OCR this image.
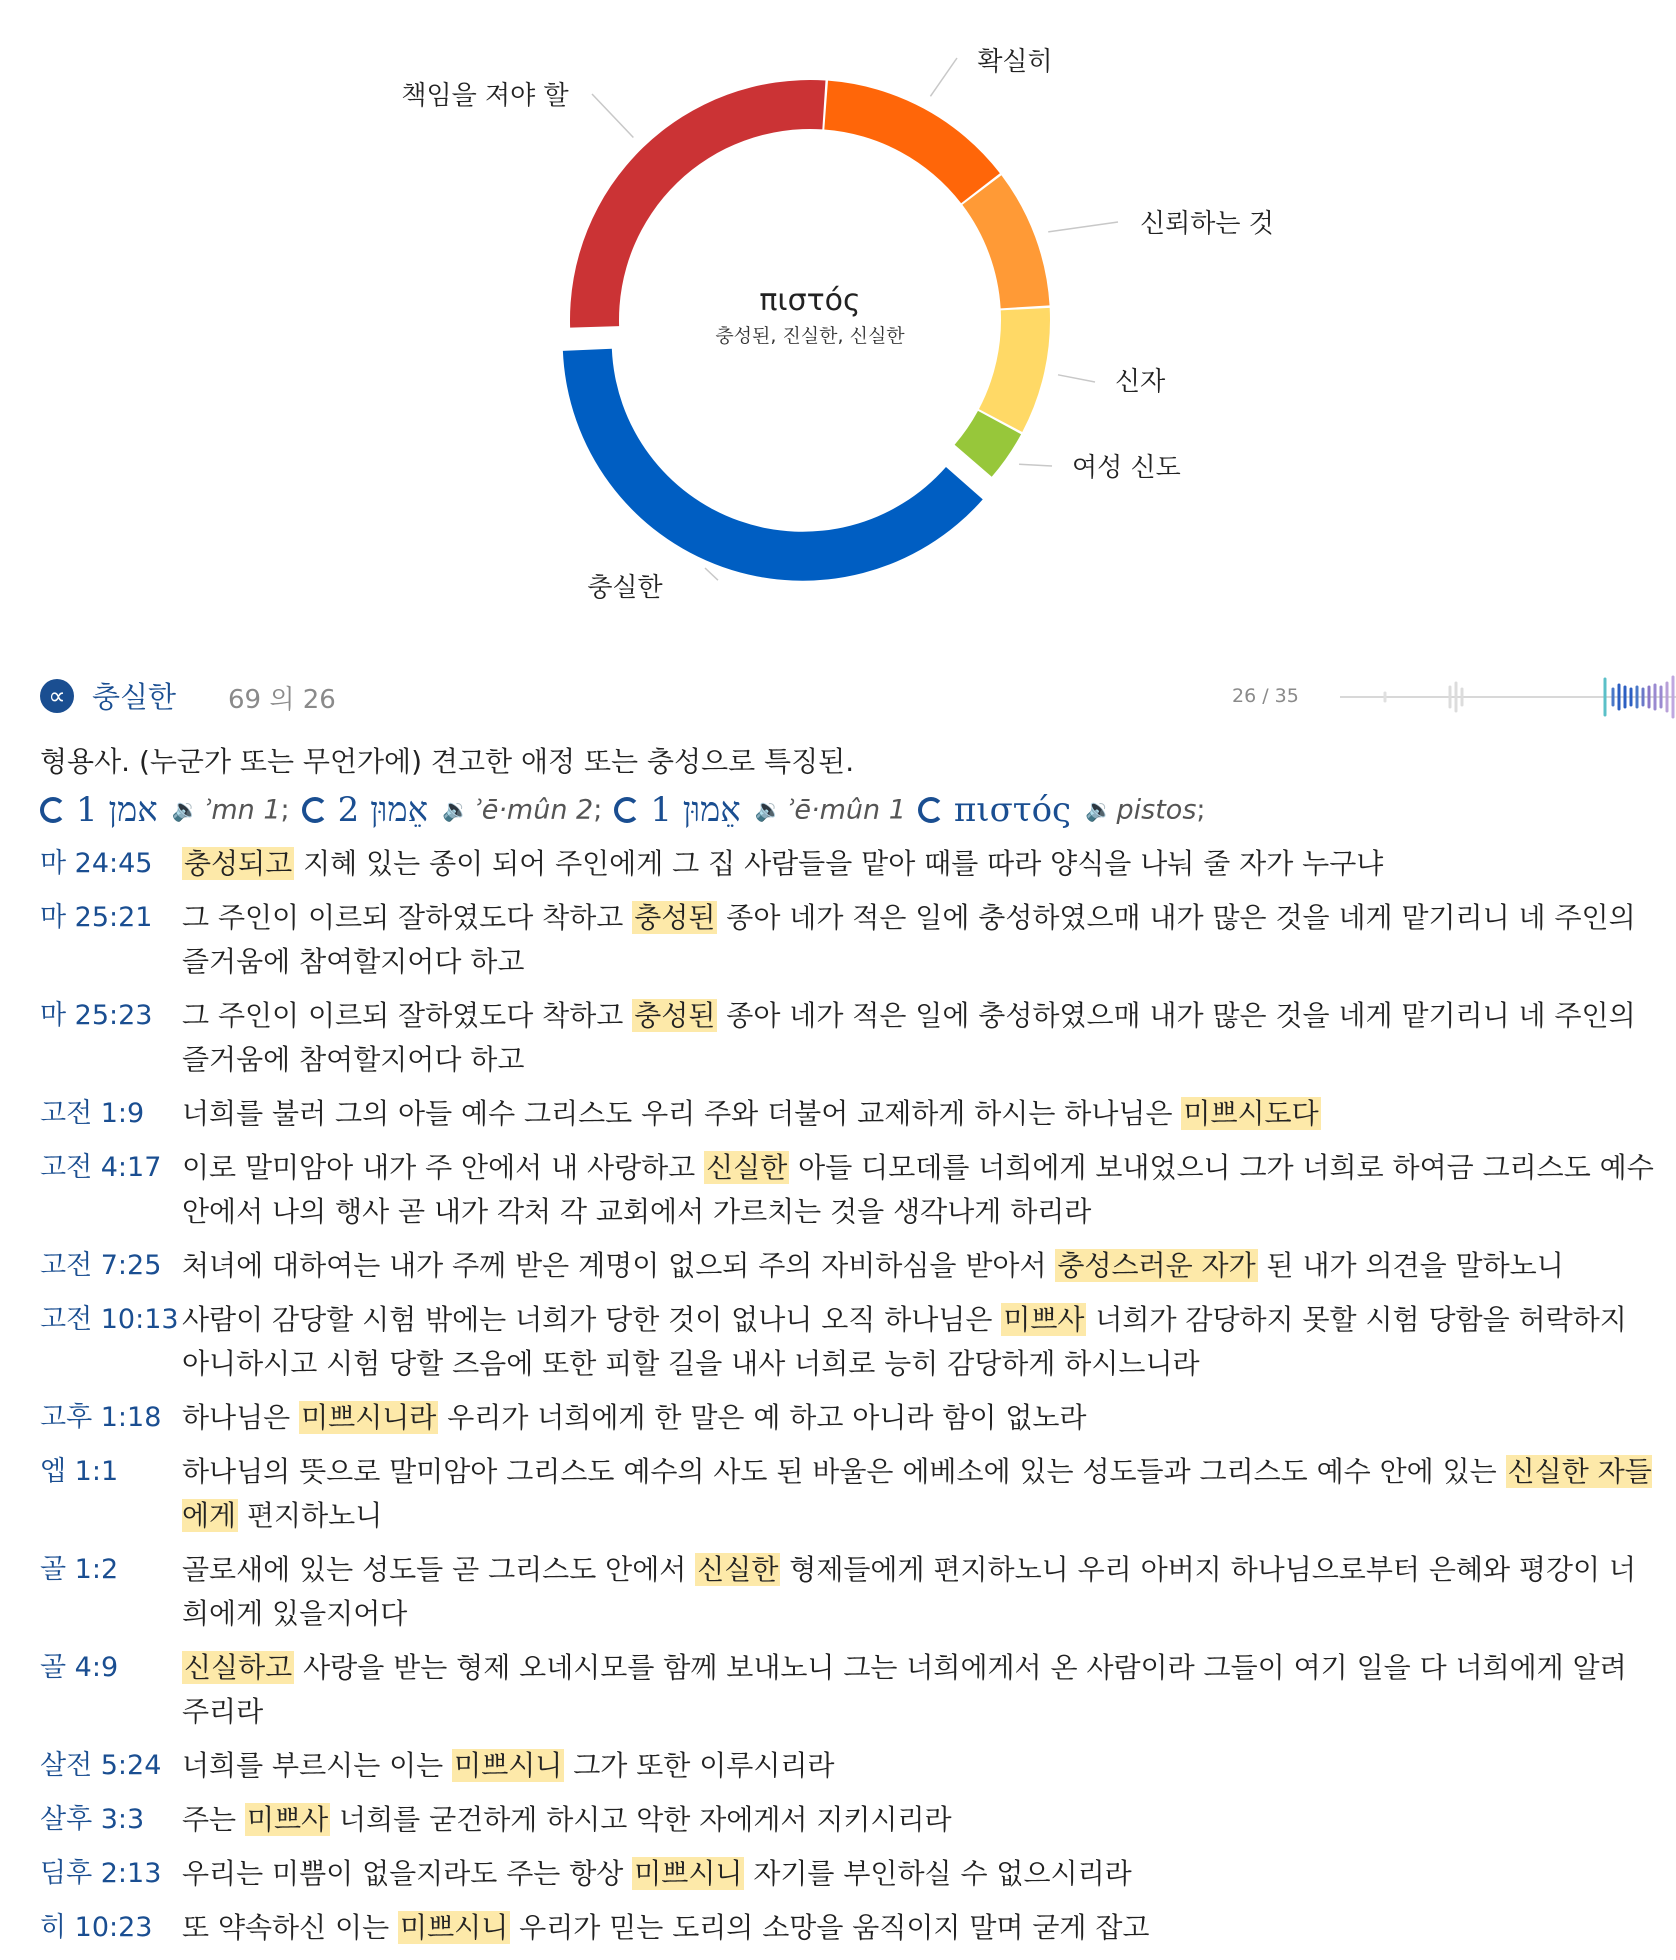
확실히
신뢰하는 것
신자
여성 신도
충실한
책임을 져야 할
πιστός
충성된, 진실한, 신실한
∝ 충실한 69 의 26	26 / 35
형용사. (누군가 또는 무언가에) 견고한 애정 또는 충성으로 특징된.
אמן 1 🔉 ʾmn 1; אֵמוּן 2 🔉 ʾē·mûn 2; אֵמוּן 1 🔉 ʾē·mûn 1 πιστός 🔉 pistos;
마 24:45	충성되고 지혜 있는 종이 되어 주인에게 그 집 사람들을 맡아 때를 따라 양식을 나눠 줄 자가 누구냐
마 25:21	그 주인이 이르되 잘하였도다 착하고 충성된 종아 네가 적은 일에 충성하였으매 내가 많은 것을 네게 맡기리니 네 주인의 즐거움에 참여할지어다 하고
마 25:23	그 주인이 이르되 잘하였도다 착하고 충성된 종아 네가 적은 일에 충성하였으매 내가 많은 것을 네게 맡기리니 네 주인의 즐거움에 참여할지어다 하고
고전 1:9	너희를 불러 그의 아들 예수 그리스도 우리 주와 더불어 교제하게 하시는 하나님은 미쁘시도다
고전 4:17 이로 말미암아 내가 주 안에서 내 사랑하고 신실한 아들 디모데를 너희에게 보내었으니 그가 너희로 하여금 그리스도 예수 안에서 나의 행사 곧 내가 각처 각 교회에서 가르치는 것을 생각나게 하리라
고전 7:25 처녀에 대하여는 내가 주께 받은 계명이 없으되 주의 자비하심을 받아서 충성스러운 자가 된 내가 의견을 말하노니
고전 10:13 사람이 감당할 시험 밖에는 너희가 당한 것이 없나니 오직 하나님은 미쁘사 너희가 감당하지 못할 시험 당함을 허락하지 아니하시고 시험 당할 즈음에 또한 피할 길을 내사 너희로 능히 감당하게 하시느니라
고후 1:18 하나님은 미쁘시니라 우리가 너희에게 한 말은 예 하고 아니라 함이 없노라
엡 1:1	하나님의 뜻으로 말미암아 그리스도 예수의 사도 된 바울은 에베소에 있는 성도들과 그리스도 예수 안에 있는 신실한 자들에게 편지하노니
골 1:2	골로새에 있는 성도들 곧 그리스도 안에서 신실한 형제들에게 편지하노니 우리 아버지 하나님으로부터 은혜와 평강이 너희에게 있을지어다
골 4:9	신실하고 사랑을 받는 형제 오네시모를 함께 보내노니 그는 너희에게서 온 사람이라 그들이 여기 일을 다 너희에게 알려 주리라
살전 5:24 너희를 부르시는 이는 미쁘시니 그가 또한 이루시리라
살후 3:3	주는 미쁘사 너희를 굳건하게 하시고 악한 자에게서 지키시리라
딤후 2:13 우리는 미쁨이 없을지라도 주는 항상 미쁘시니 자기를 부인하실 수 없으시리라
히 10:23	또 약속하신 이는 미쁘시니 우리가 믿는 도리의 소망을 움직이지 말며 굳게 잡고
